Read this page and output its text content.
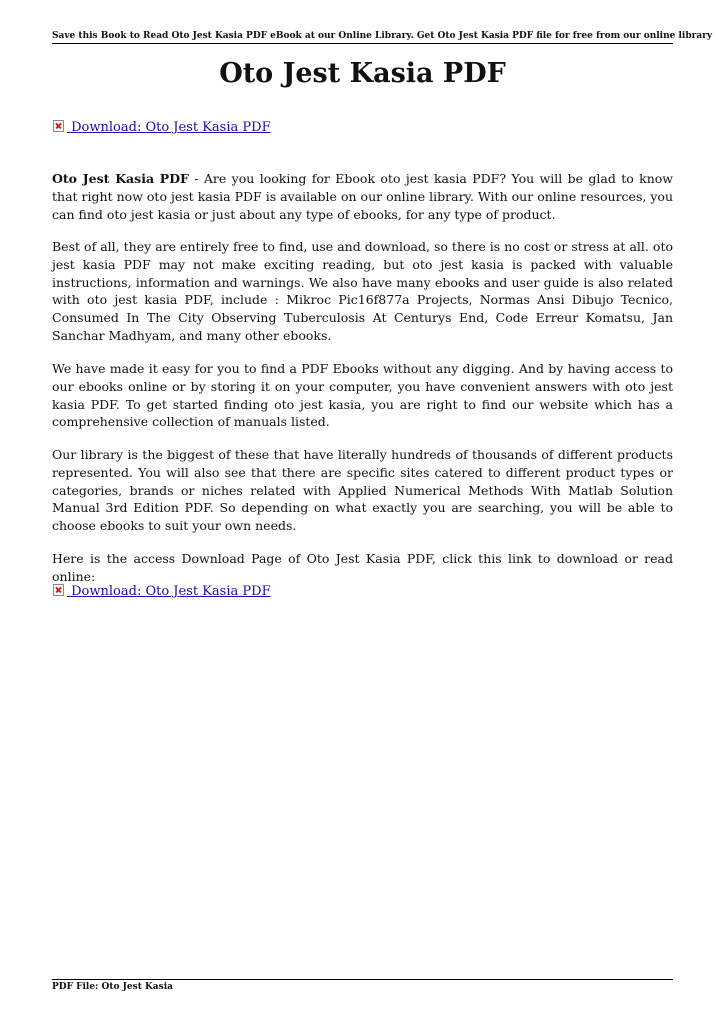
Save this Book to Read Oto Jest Kasia PDF eBook at our Online Library. Get Oto Jest Kasia PDF file for free from our online library
Oto Jest Kasia PDF
Download: Oto Jest Kasia PDF

Oto Jest Kasia PDF - Are you looking for Ebook oto jest kasia PDF? You will be glad to know that right now oto jest kasia PDF is available on our online library. With our online resources, you can find oto jest kasia or just about any type of ebooks, for any type of product.

Best of all, they are entirely free to find, use and download, so there is no cost or stress at all. oto jest kasia PDF may not make exciting reading, but oto jest kasia is packed with valuable instructions, information and warnings. We also have many ebooks and user guide is also related with oto jest kasia PDF, include : Mikroc Pic16f877a Projects, Normas Ansi Dibujo Tecnico, Consumed In The City Observing Tuberculosis At Centurys End, Code Erreur Komatsu, Jan Sanchar Madhyam, and many other ebooks.

We have made it easy for you to find a PDF Ebooks without any digging. And by having access to our ebooks online or by storing it on your computer, you have convenient answers with oto jest kasia PDF. To get started finding oto jest kasia, you are right to find our website which has a comprehensive collection of manuals listed.

Our library is the biggest of these that have literally hundreds of thousands of different products represented. You will also see that there are specific sites catered to different product types or categories, brands or niches related with Applied Numerical Methods With Matlab Solution Manual 3rd Edition PDF. So depending on what exactly you are searching, you will be able to choose ebooks to suit your own needs.

Here is the access Download Page of Oto Jest Kasia PDF, click this link to download or read online:

Download: Oto Jest Kasia PDF
PDF File: Oto Jest Kasia
